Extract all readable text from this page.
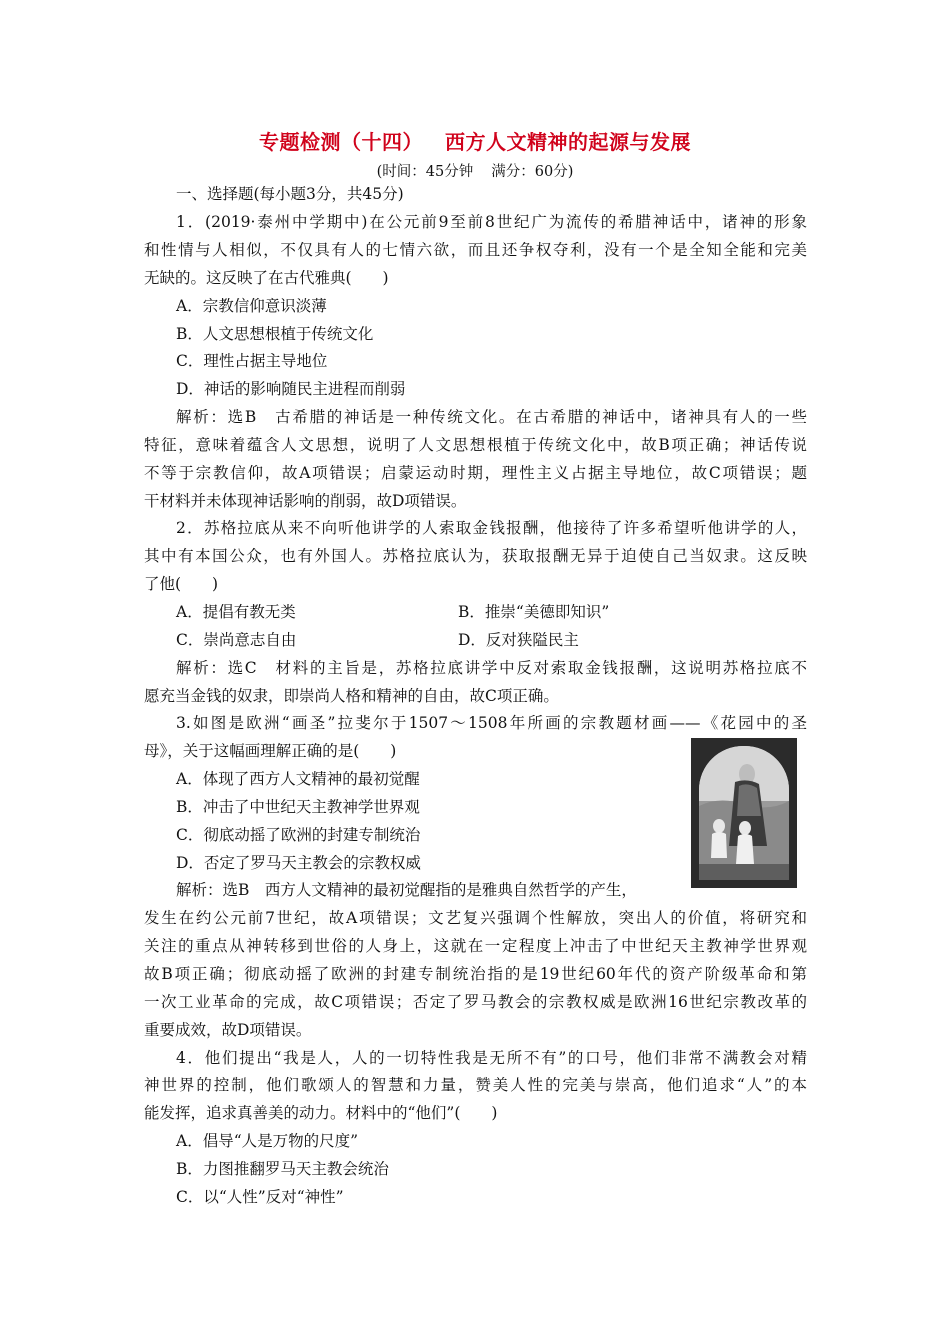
专题检测（十四） 西方人文精神的起源与发展
(时间：45分钟 满分：60分)
一、选择题(每小题3分，共45分)
1．(2019·泰州中学期中)在公元前9至前8世纪广为流传的希腊神话中，诸神的形象
和性情与人相似，不仅具有人的七情六欲，而且还争权夺利，没有一个是全知全能和完美
无缺的。这反映了在古代雅典(　　)
A．宗教信仰意识淡薄
B．人文思想根植于传统文化
C．理性占据主导地位
D．神话的影响随民主进程而削弱
解析：选B　古希腊的神话是一种传统文化。在古希腊的神话中，诸神具有人的一些
特征，意味着蕴含人文思想，说明了人文思想根植于传统文化中，故B项正确；神话传说
不等于宗教信仰，故A项错误；启蒙运动时期，理性主义占据主导地位，故C项错误；题
干材料并未体现神话影响的削弱，故D项错误。
2．苏格拉底从来不向听他讲学的人索取金钱报酬，他接待了许多希望听他讲学的人，
其中有本国公众，也有外国人。苏格拉底认为，获取报酬无异于迫使自己当奴隶。这反映
了他(　　)
A．提倡有教无类	B．推崇“美德即知识”
C．崇尚意志自由	D．反对狭隘民主
解析：选C　材料的主旨是，苏格拉底讲学中反对索取金钱报酬，这说明苏格拉底不
愿充当金钱的奴隶，即崇尚人格和精神的自由，故C项正确。
3.如图是欧洲“画圣”拉斐尔于1507～1508年所画的宗教题材画——《花园中的圣
母》，关于这幅画理解正确的是(　　)
A．体现了西方人文精神的最初觉醒
B．冲击了中世纪天主教神学世界观
C．彻底动摇了欧洲的封建专制统治
D．否定了罗马天主教会的宗教权威
解析：选B　西方人文精神的最初觉醒指的是雅典自然哲学的产生，
发生在约公元前7世纪，故A项错误；文艺复兴强调个性解放，突出人的价值，将研究和
关注的重点从神转移到世俗的人身上，这就在一定程度上冲击了中世纪天主教神学世界观
故B项正确；彻底动摇了欧洲的封建专制统治指的是19世纪60年代的资产阶级革命和第
一次工业革命的完成，故C项错误；否定了罗马教会的宗教权威是欧洲16世纪宗教改革的
重要成效，故D项错误。
4．他们提出“我是人，人的一切特性我是无所不有”的口号，他们非常不满教会对精
神世界的控制，他们歌颂人的智慧和力量，赞美人性的完美与崇高，他们追求“人”的本
能发挥，追求真善美的动力。材料中的“他们”(　　)
A．倡导“人是万物的尺度”
B．力图推翻罗马天主教会统治
C．以“人性”反对“神性”
